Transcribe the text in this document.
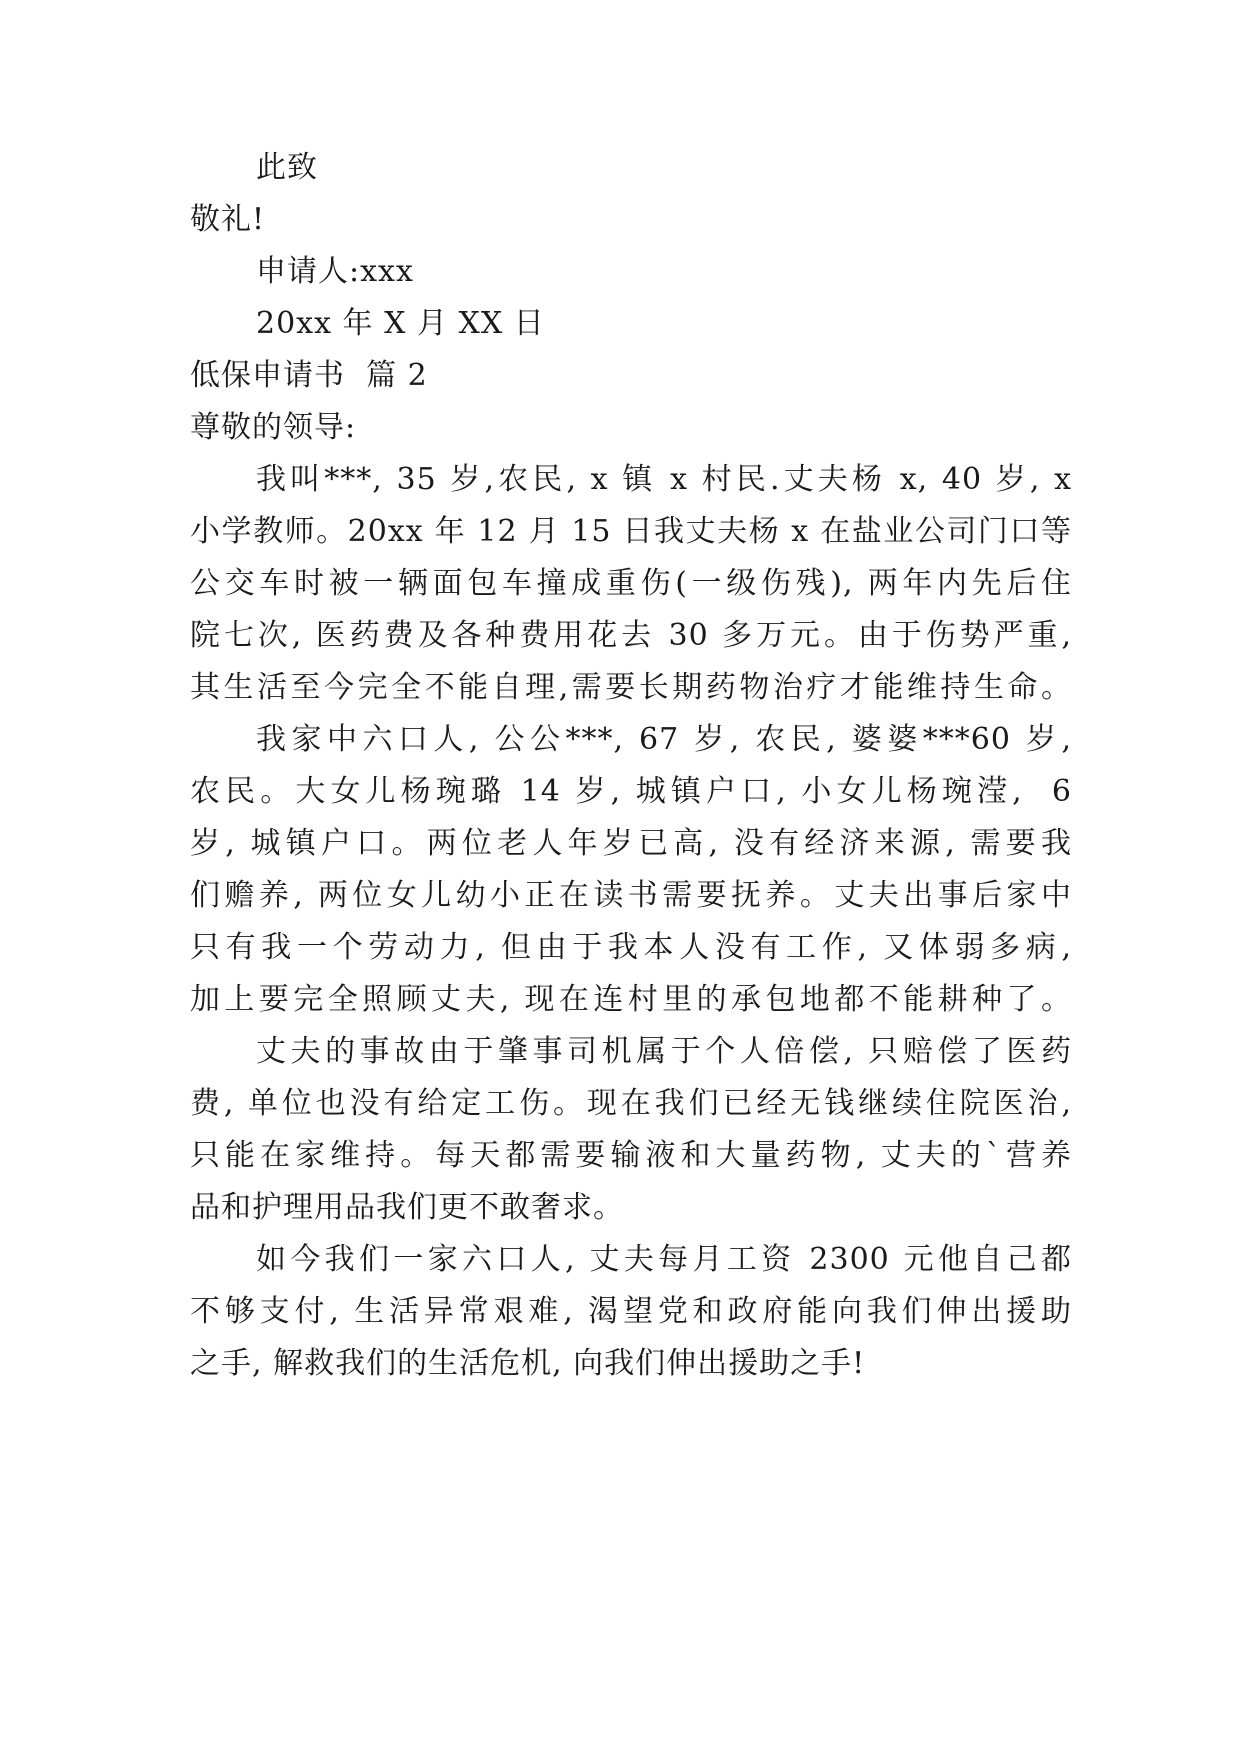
此致
敬礼!
申请人:xxx
20xx 年 X 月 XX 日
低保申请书  篇 2
尊敬的领导:
我叫***, 35 岁,农民, x 镇 x 村民.丈夫杨 x, 40 岁, x
小学教师。20xx 年 12 月 15 日我丈夫杨 x 在盐业公司门口等
公交车时被一辆面包车撞成重伤(一级伤残), 两年内先后住
院七次, 医药费及各种费用花去 30 多万元。由于伤势严重,
其生活至今完全不能自理,需要长期药物治疗才能维持生命。
我家中六口人, 公公***, 67 岁, 农民, 婆婆***60 岁,
农民。大女儿杨琬璐 14 岁, 城镇户口, 小女儿杨琬滢,  6
岁, 城镇户口。两位老人年岁已高, 没有经济来源, 需要我
们赡养, 两位女儿幼小正在读书需要抚养。丈夫出事后家中
只有我一个劳动力, 但由于我本人没有工作, 又体弱多病,
加上要完全照顾丈夫, 现在连村里的承包地都不能耕种了。
丈夫的事故由于肇事司机属于个人倍偿, 只赔偿了医药
费, 单位也没有给定工伤。现在我们已经无钱继续住院医治,
只能在家维持。每天都需要输液和大量药物, 丈夫的`营养
品和护理用品我们更不敢奢求。
如今我们一家六口人, 丈夫每月工资 2300 元他自己都
不够支付, 生活异常艰难, 渴望党和政府能向我们伸出援助
之手, 解救我们的生活危机, 向我们伸出援助之手!
